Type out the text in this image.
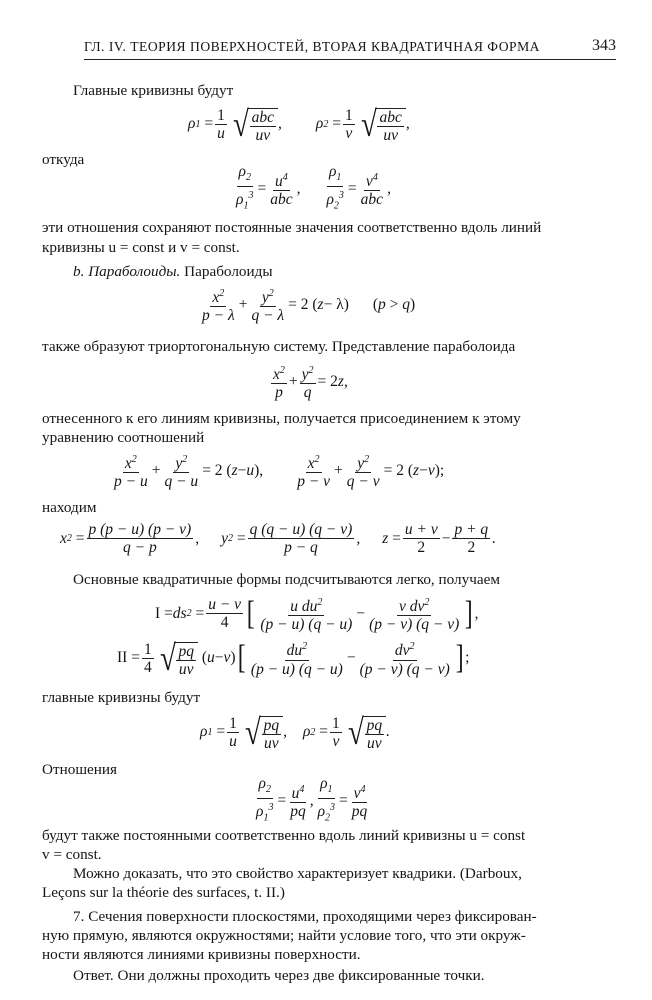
ГЛ. IV. ТЕОРИЯ ПОВЕРХНОСТЕЙ, ВТОРАЯ КВАДРАТИЧНАЯ ФОРМА	343
Главные кривизны будут
ρ 1
= $\frac{1}{u}$ √ $\frac{\text{abc}}{uv}$ ,
ρ 2
= $\frac{1}{v}$ √ $\frac{\text{abc}}{uv}$ ,
откуда
$\frac{\rho_2}{\rho_1^3} = \frac{u^4}{\text{abc}}$ , $\frac{\rho_1}{\rho_2^3} = \frac{v^4}{\text{abc}}$ ,
эти отношения сохраняют постоянные значения соответственно вдоль линий
кривизны u = const и v = const.
b. Параболоиды. Параболоиды
$\frac{x^2}{p - \lambda} + \frac{y^2}{q - \lambda} = 2$ ( z − λ) ( p > q )
также образуют триортогональную систему. Представление параболоида
$\frac{x^2}{p} + \frac{y^2}{q} = 2$ z ,
отнесенного к его линиям кривизны, получается присоединением к этому
уравнению соотношений
$\frac{x^2}{p - u} + \frac{y^2}{q - u} = 2$ ( z − u ), $\frac{x^2}{p - v} + \frac{y^2}{q - v} = 2$ ( z − v );
находим
x $2 = \frac{p (p - u) (p - v)}{q - p}$ ,
y $2 = \frac{q (q - u) (q - v)}{p - q}$ ,
$z = \frac{u + v}{2} - \frac{p + q}{2}$ .
Основные квадратичные формы подсчитываются легко, получаем
I = ds $2 = \frac{u - v}{4}$ [ $\frac{u du^2}{(p - u) (q - u)} - \frac{v dv^2}{(p - v) (q - v)}$ ] ,
II = $\frac{1}{4}$ √ $\frac{pq}{uv}$ ( u − v ) [ $\frac{du^2}{(p - u) (q - u)} - \frac{dv^2}{(p - v) (q - v)}$ ] ;
главные кривизны будут
ρ $1 = \frac{1}{u}$ √ $\frac{pq}{uv}$ ,
ρ $2 = \frac{1}{v}$ √ $\frac{pq}{uv}$ .
Отношения
$\frac{\rho_2}{\rho_1^3} = \frac{u^4}{pq}$ , $\frac{\rho_1}{\rho_2^3} = \frac{v^4}{pq}$
будут также постоянными соответственно вдоль линий кривизны u = const
v = const.
Можно доказать, что это свойство характеризует квадрики. (Darboux,
Leçons sur la théorie des surfaces, t. II.)
7. Сечения поверхности плоскостями, проходящими через фиксирован-
ную прямую, являются окружностями; найти условие того, что эти окруж-
ности являются линиями кривизны поверхности.
Ответ. Они должны проходить через две фиксированные точки.
